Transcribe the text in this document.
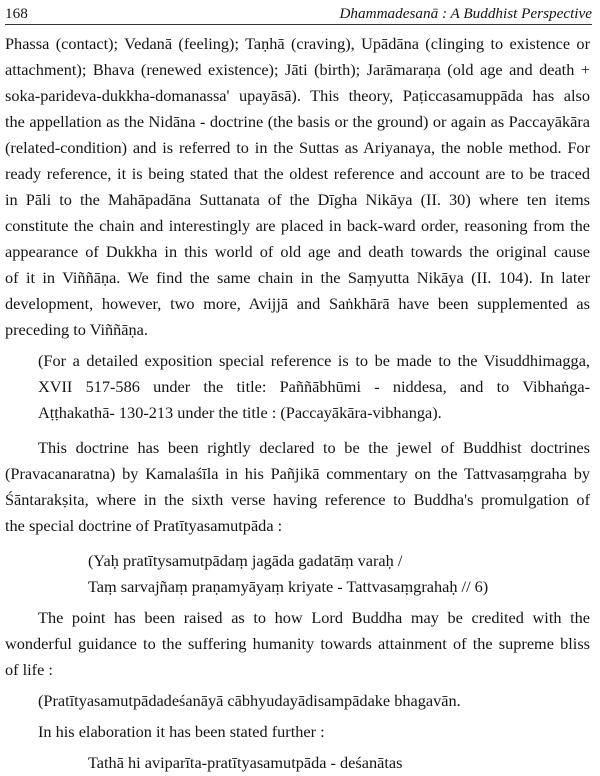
168	Dhammadesanā : A Buddhist Perspective
Phassa (contact); Vedanā (feeling); Taṇhā (craving), Upādāna (clinging to existence or
attachment); Bhava (renewed existence); Jāti (birth); Jarāmaraṇa (old age and death +
soka-parideva-dukkha-domanassa' upayāsā). This theory, Paṭiccasamuppāda has also
the appellation as the Nidāna - doctrine (the basis or the ground) or again as Paccayākāra
(related-condition) and is referred to in the Suttas as Ariyanaya, the noble method. For
ready reference, it is being stated that the oldest reference and account are to be traced
in Pāli to the Mahāpadāna Suttanata of the Dīgha Nikāya (II. 30) where ten items
constitute the chain and interestingly are placed in back-ward order, reasoning from the
appearance of Dukkha in this world of old age and death towards the original cause
of it in Viññāṇa. We find the same chain in the Saṃyutta Nikāya (II. 104). In later
development, however, two more, Avijjā and Saṅkhārā have been supplemented as
preceding to Viññāṇa.
(For a detailed exposition special reference is to be made to the Visuddhimagga,
XVII 517-586 under the title: Paññābhūmi - niddesa, and to Vibhaṅga-
Aṭṭhakathā- 130-213 under the title : (Paccayākāra-vibhanga).
This doctrine has been rightly declared to be the jewel of Buddhist doctrines
(Pravacanaratna) by Kamalaśīla in his Pañjikā commentary on the Tattvasaṃgraha by
Śāntarakṣita, where in the sixth verse having reference to Buddha's promulgation of
the special doctrine of Pratītyasamutpāda :
(Yaḥ pratītysamutpādaṃ jagāda gadatāṃ varaḥ /
Taṃ sarvajñaṃ praṇamyāyaṃ kriyate - Tattvasaṃgrahaḥ // 6)
The point has been raised as to how Lord Buddha may be credited with the
wonderful guidance to the suffering humanity towards attainment of the supreme bliss
of life :
(Pratītyasamutpādadeśanāyā cābhyudayādisampādake bhagavān.
In his elaboration it has been stated further :
Tathā hi aviparīta-pratītyasamutpāda - deśanātas
